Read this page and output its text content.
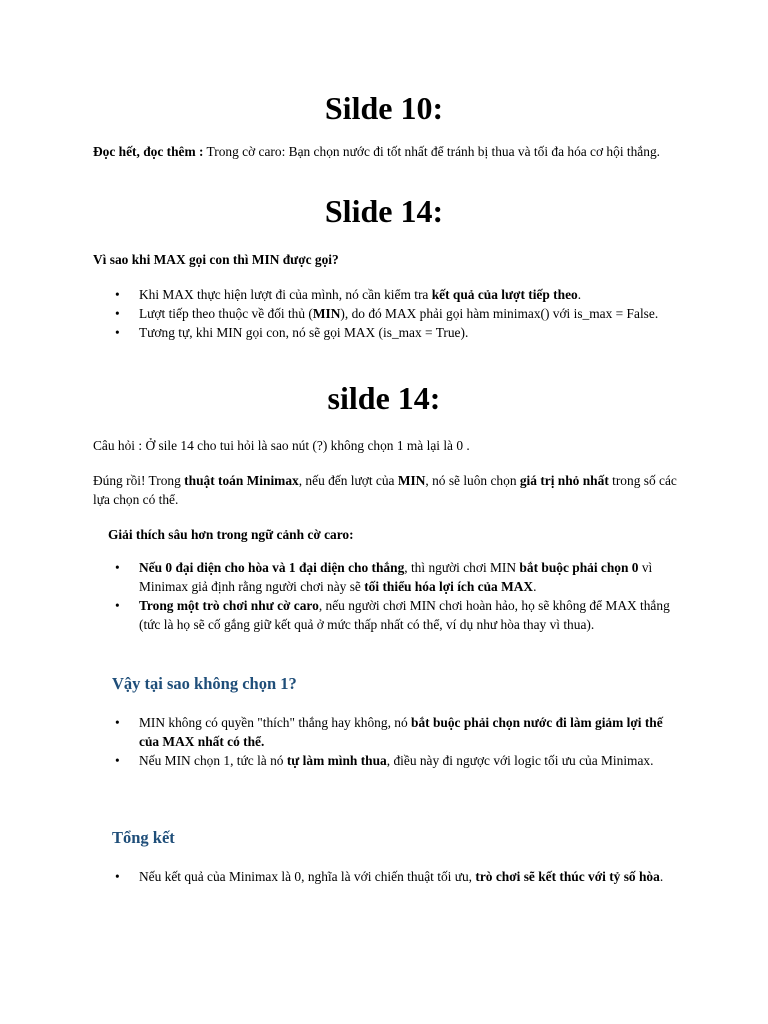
Silde 10:

Đọc hết, đọc thêm : Trong cờ caro: Bạn chọn nước đi tốt nhất để tránh bị thua và tối đa hóa cơ hội thắng.

Slide 14:

Vì sao khi MAX gọi con thì MIN được gọi?

• Khi MAX thực hiện lượt đi của mình, nó cần kiểm tra kết quả của lượt tiếp theo.
• Lượt tiếp theo thuộc về đối thủ (MIN), do đó MAX phải gọi hàm minimax() với is_max = False.
• Tương tự, khi MIN gọi con, nó sẽ gọi MAX (is_max = True).
silde 14:

Câu hỏi : Ở sile 14 cho tui hỏi là sao nút (?) không chọn 1 mà lại là 0 .

Đúng rồi! Trong thuật toán Minimax, nếu đến lượt của MIN, nó sẽ luôn chọn giá trị nhỏ nhất trong số các lựa chọn có thể.

Giải thích sâu hơn trong ngữ cảnh cờ caro:

• Nếu 0 đại diện cho hòa và 1 đại diện cho thắng, thì người chơi MIN bắt buộc phải chọn 0 vì Minimax giả định rằng người chơi này sẽ tối thiểu hóa lợi ích của MAX.
• Trong một trò chơi như cờ caro, nếu người chơi MIN chơi hoàn hảo, họ sẽ không để MAX thắng (tức là họ sẽ cố gắng giữ kết quả ở mức thấp nhất có thể, ví dụ như hòa thay vì thua).
Vậy tại sao không chọn 1?
• MIN không có quyền "thích" thắng hay không, nó bắt buộc phải chọn nước đi làm giảm lợi thế của MAX nhất có thể.
• Nếu MIN chọn 1, tức là nó tự làm mình thua, điều này đi ngược với logic tối ưu của Minimax.
Tổng kết
• Nếu kết quả của Minimax là 0, nghĩa là với chiến thuật tối ưu, trò chơi sẽ kết thúc với tỷ số hòa.
